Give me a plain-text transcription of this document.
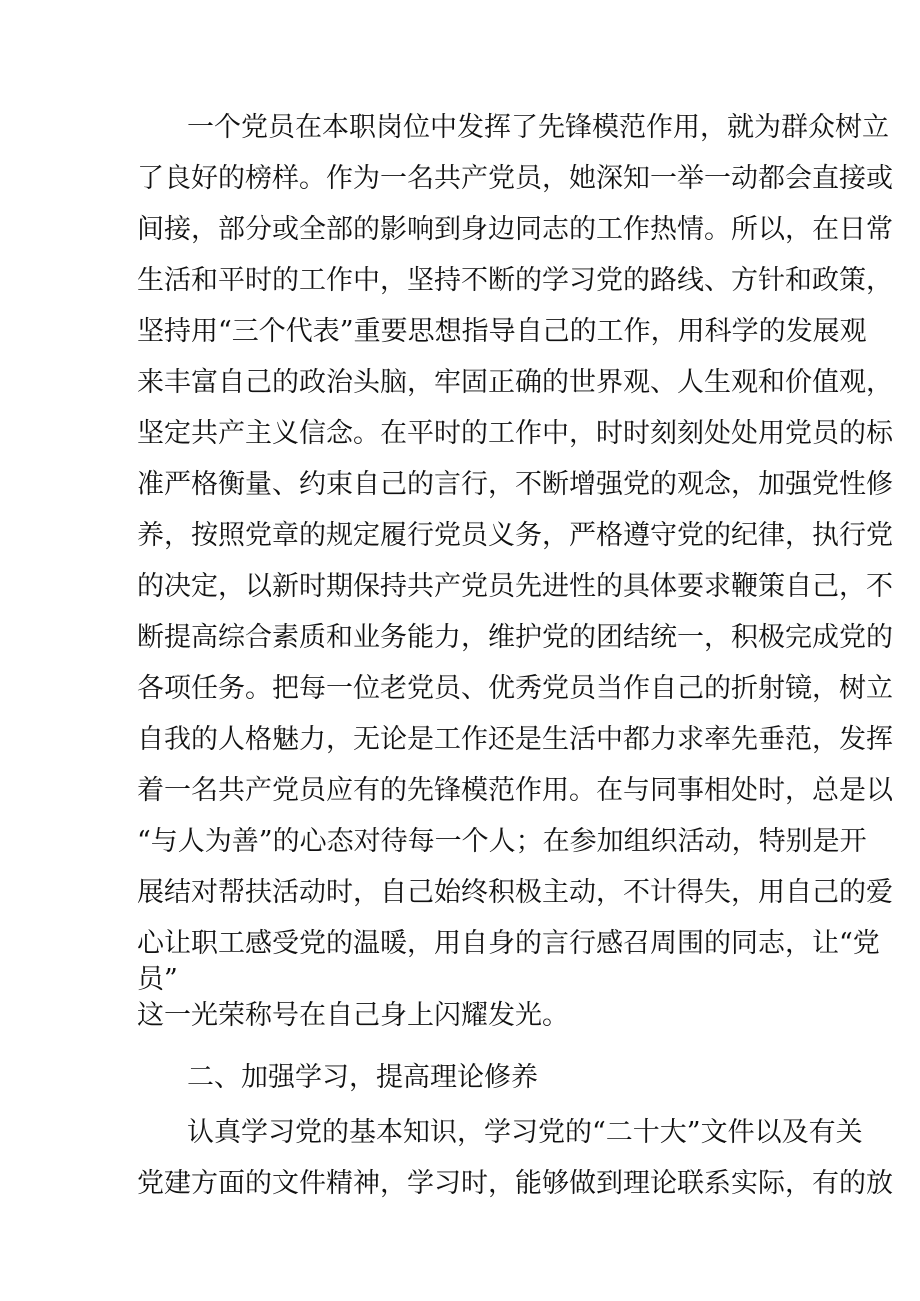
一个党员在本职岗位中发挥了先锋模范作用，就为群众树立
了良好的榜样。作为一名共产党员，她深知一举一动都会直接或
间接，部分或全部的影响到身边同志的工作热情。所以，在日常
生活和平时的工作中，坚持不断的学习党的路线、方针和政策，
坚持用“三个代表”重要思想指导自己的工作，用科学的发展观
来丰富自己的政治头脑，牢固正确的世界观、人生观和价值观，
坚定共产主义信念。在平时的工作中，时时刻刻处处用党员的标
准严格衡量、约束自己的言行，不断增强党的观念，加强党性修
养，按照党章的规定履行党员义务，严格遵守党的纪律，执行党
的决定，以新时期保持共产党员先进性的具体要求鞭策自己，不
断提高综合素质和业务能力，维护党的团结统一，积极完成党的
各项任务。把每一位老党员、优秀党员当作自己的折射镜，树立
自我的人格魅力，无论是工作还是生活中都力求率先垂范，发挥
着一名共产党员应有的先锋模范作用。在与同事相处时，总是以
“与人为善”的心态对待每一个人；在参加组织活动，特别是开
展结对帮扶活动时，自己始终积极主动，不计得失，用自己的爱
心让职工感受党的温暖，用自身的言行感召周围的同志，让“党
员”
这一光荣称号在自己身上闪耀发光。
二、加强学习，提高理论修养
认真学习党的基本知识，学习党的“二十大”文件以及有关
党建方面的文件精神，学习时，能够做到理论联系实际，有的放
